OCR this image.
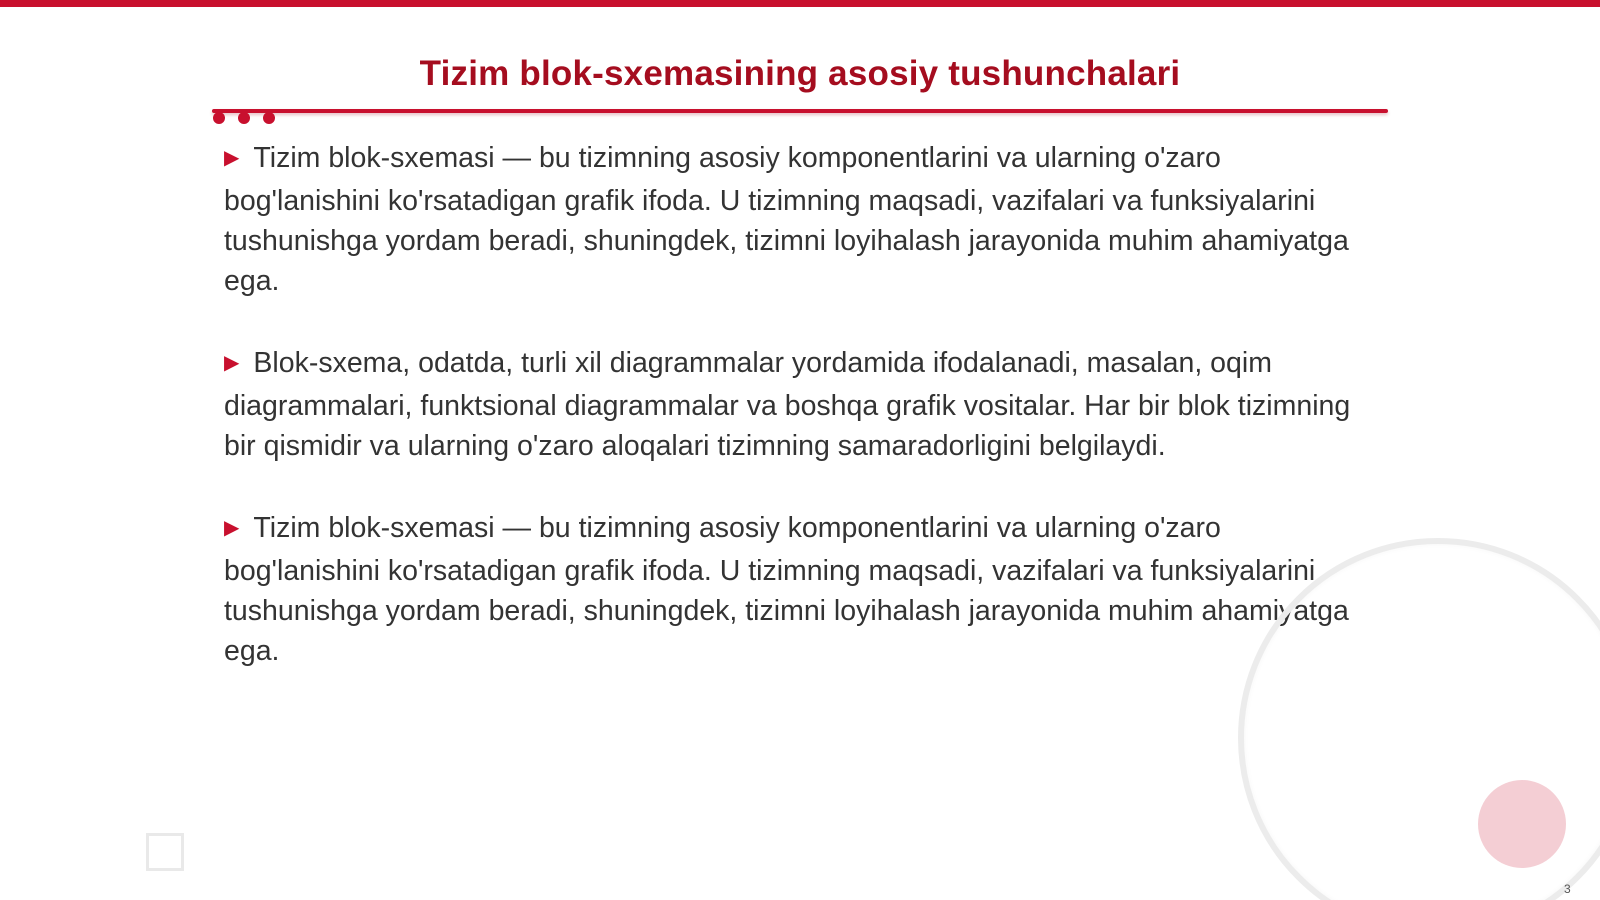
Tizim blok-sxemasining asosiy tushunchalari

▶ Tizim blok-sxemasi — bu tizimning asosiy komponentlarini va ularning o'zaro bog'lanishini ko'rsatadigan grafik ifoda. U tizimning maqsadi, vazifalari va funksiyalarini tushunishga yordam beradi, shuningdek, tizimni loyihalash jarayonida muhim ahamiyatga ega.

▶ Blok-sxema, odatda, turli xil diagrammalar yordamida ifodalanadi, masalan, oqim diagrammalari, funktsional diagrammalar va boshqa grafik vositalar. Har bir blok tizimning bir qismidir va ularning o'zaro aloqalari tizimning samaradorligini belgilaydi.

▶ Tizim blok-sxemasi — bu tizimning asosiy komponentlarini va ularning o'zaro bog'lanishini ko'rsatadigan grafik ifoda. U tizimning maqsadi, vazifalari va funksiyalarini tushunishga yordam beradi, shuningdek, tizimni loyihalash jarayonida muhim ahamiyatga ega.

3
